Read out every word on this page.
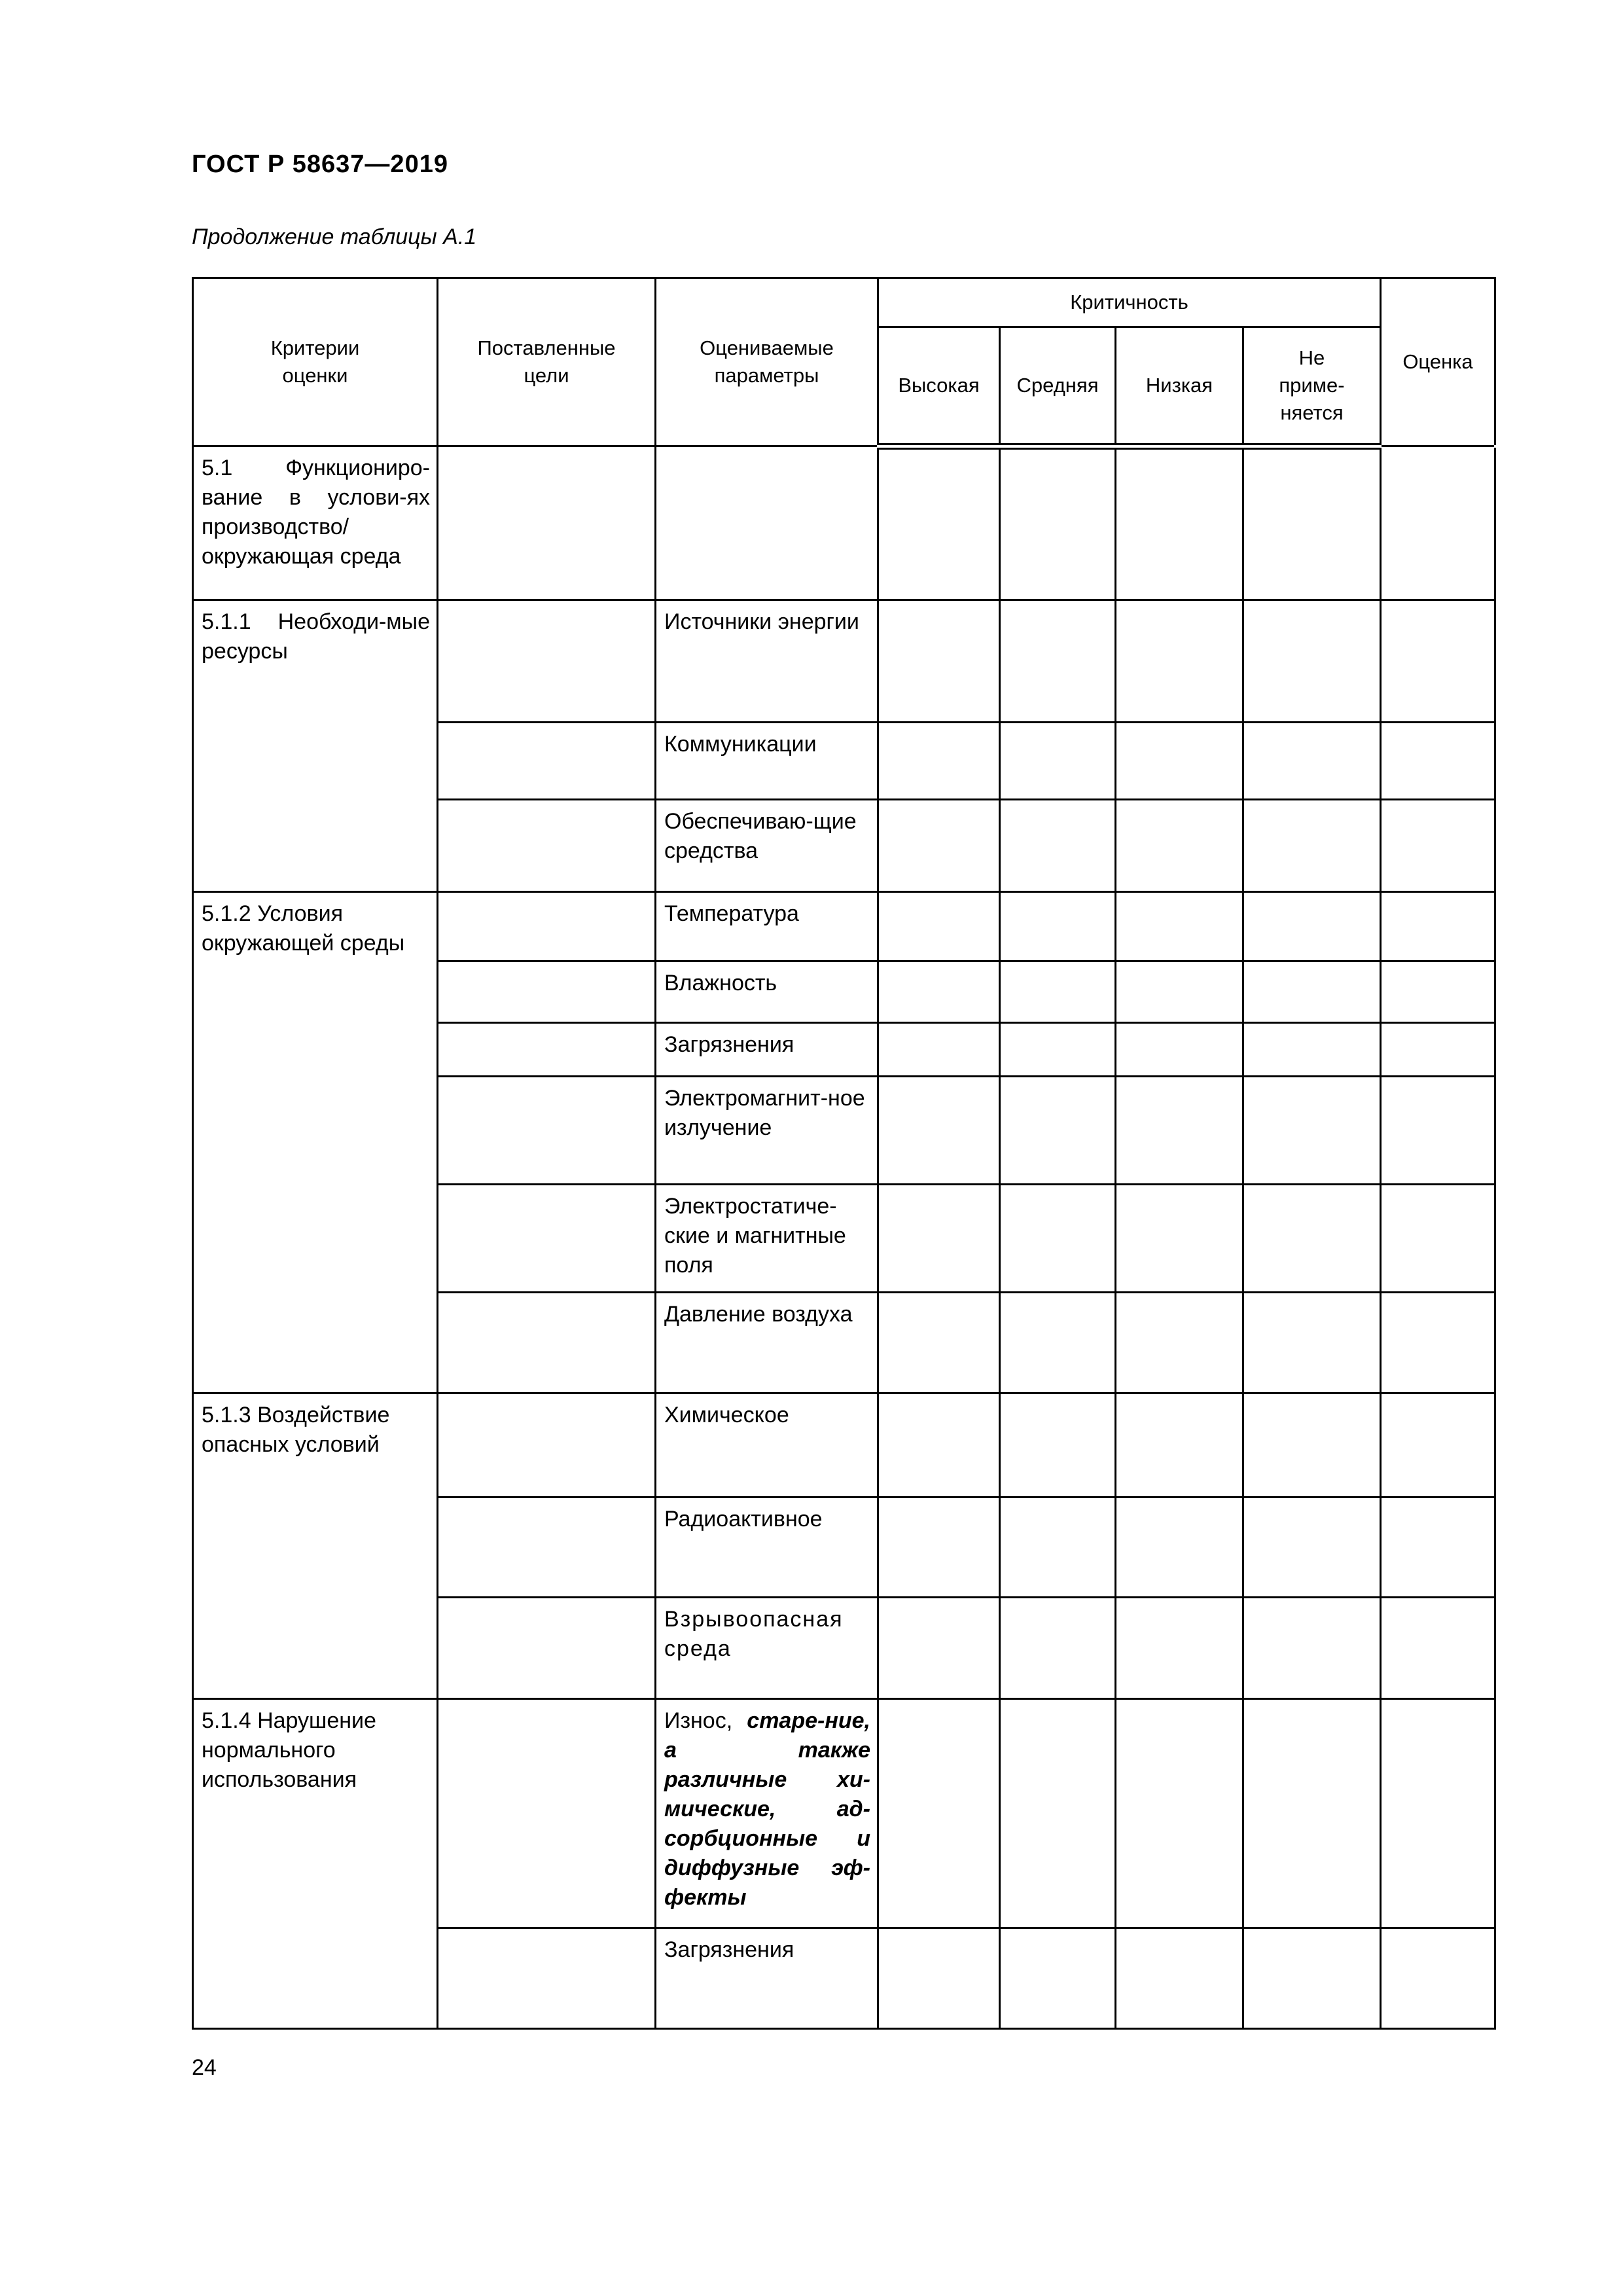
ГОСТ Р 58637—2019
Продолжение таблицы А.1
Критерии оценки	Поставленные цели	Оцениваемые параметры	Критичность				Оценка	
			Высокая	Средняя	Низкая	Не приме-няется		

5.1 Функциониро-вание в услови-ях производство/ окружающая среда								

5.1.1 Необходи-мые ресурсы		Источники энергии						

		Коммуникации						

		Обеспечиваю-щие средства						

5.1.2 Условия окружающей среды		Температура						

		Влажность						

		Загрязнения						

		Электромагнит-ное излучение						

		Электростатиче-ские и магнитные поля						

		Давление воздуха						

5.1.3 Воздействие опасных условий		Химическое						

		Радиоактивное						

		Взрывоопасная среда						

5.1.4 Нарушение нормального использования		Износ, старе-ние, а также различные хи-мические, ад-сорбционные и диффузные эф-фекты						

		Загрязнения						

24
